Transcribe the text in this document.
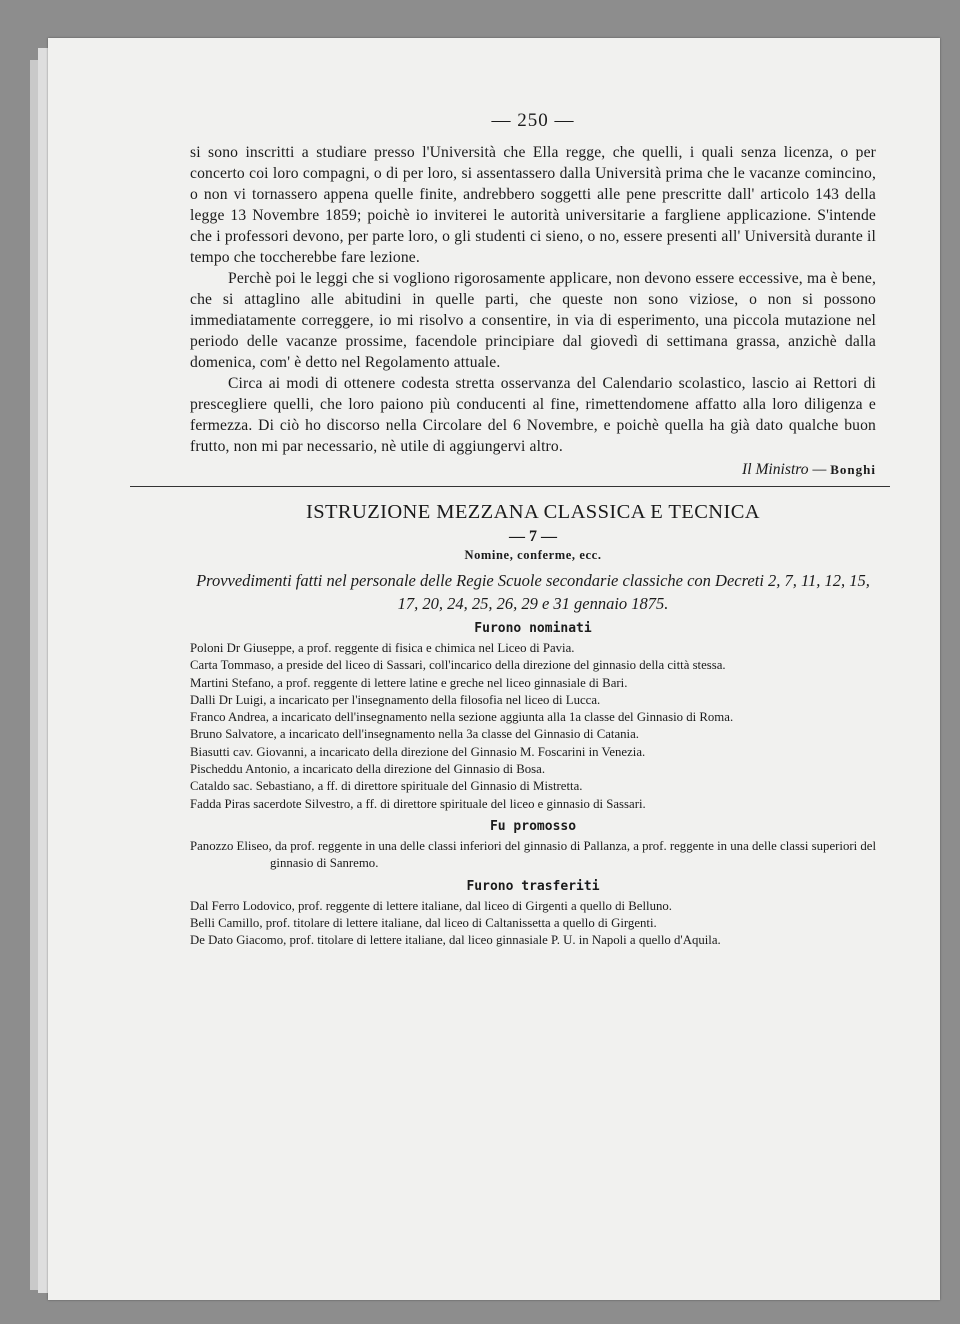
— 250 —

si sono inscritti a studiare presso l'Università che Ella regge, che quelli, i quali senza licenza, o per concerto coi loro compagni, o di per loro, si assentassero dalla Università prima che le vacanze comincino, o non vi tornassero appena quelle finite, andrebbero soggetti alle pene prescritte dall' articolo 143 della legge 13 Novembre 1859; poichè io inviterei le autorità universitarie a fargliene applicazione. S'intende che i professori devono, per parte loro, o gli studenti ci sieno, o no, essere presenti all' Università durante il tempo che toccherebbe fare lezione.

Perchè poi le leggi che si vogliono rigorosamente applicare, non devono essere eccessive, ma è bene, che si attaglino alle abitudini in quelle parti, che queste non sono viziose, o non si possono immediatamente correggere, io mi risolvo a consentire, in via di esperimento, una piccola mutazione nel periodo delle vacanze prossime, facendole principiare dal giovedì di settimana grassa, anzichè dalla domenica, com' è detto nel Regolamento attuale.

Circa ai modi di ottenere codesta stretta osservanza del Calendario scolastico, lascio ai Rettori di prescegliere quelli, che loro paiono più conducenti al fine, rimettendomene affatto alla loro diligenza e fermezza. Di ciò ho discorso nella Circolare del 6 Novembre, e poichè quella ha già dato qualche buon frutto, non mi par necessario, nè utile di aggiungervi altro.

Il Ministro — Bonghi
ISTRUZIONE MEZZANA CLASSICA E TECNICA
— 7 —
Nomine, conferme, ecc.
Provvedimenti fatti nel personale delle Regie Scuole secondarie classiche con Decreti 2, 7, 11, 12, 15, 17, 20, 24, 25, 26, 29 e 31 gennaio 1875.
Furono nominati

Poloni Dr Giuseppe, a prof. reggente di fisica e chimica nel Liceo di Pavia.

Carta Tommaso, a preside del liceo di Sassari, coll'incarico della direzione del ginnasio della città stessa.

Martini Stefano, a prof. reggente di lettere latine e greche nel liceo ginnasiale di Bari.

Dalli Dr Luigi, a incaricato per l'insegnamento della filosofia nel liceo di Lucca.

Franco Andrea, a incaricato dell'insegnamento nella sezione aggiunta alla 1a classe del Ginnasio di Roma.

Bruno Salvatore, a incaricato dell'insegnamento nella 3a classe del Ginnasio di Catania.

Biasutti cav. Giovanni, a incaricato della direzione del Ginnasio M. Foscarini in Venezia.

Pischeddu Antonio, a incaricato della direzione del Ginnasio di Bosa.

Cataldo sac. Sebastiano, a ff. di direttore spirituale del Ginnasio di Mistretta.

Fadda Piras sacerdote Silvestro, a ff. di direttore spirituale del liceo e ginnasio di Sassari.

Fu promosso

Panozzo Eliseo, da prof. reggente in una delle classi inferiori del ginnasio di Pallanza, a prof. reggente in una delle classi superiori del ginnasio di Sanremo.

Furono trasferiti

Dal Ferro Lodovico, prof. reggente di lettere italiane, dal liceo di Girgenti a quello di Belluno.

Belli Camillo, prof. titolare di lettere italiane, dal liceo di Caltanissetta a quello di Girgenti.

De Dato Giacomo, prof. titolare di lettere italiane, dal liceo ginnasiale P. U. in Napoli a quello d'Aquila.
